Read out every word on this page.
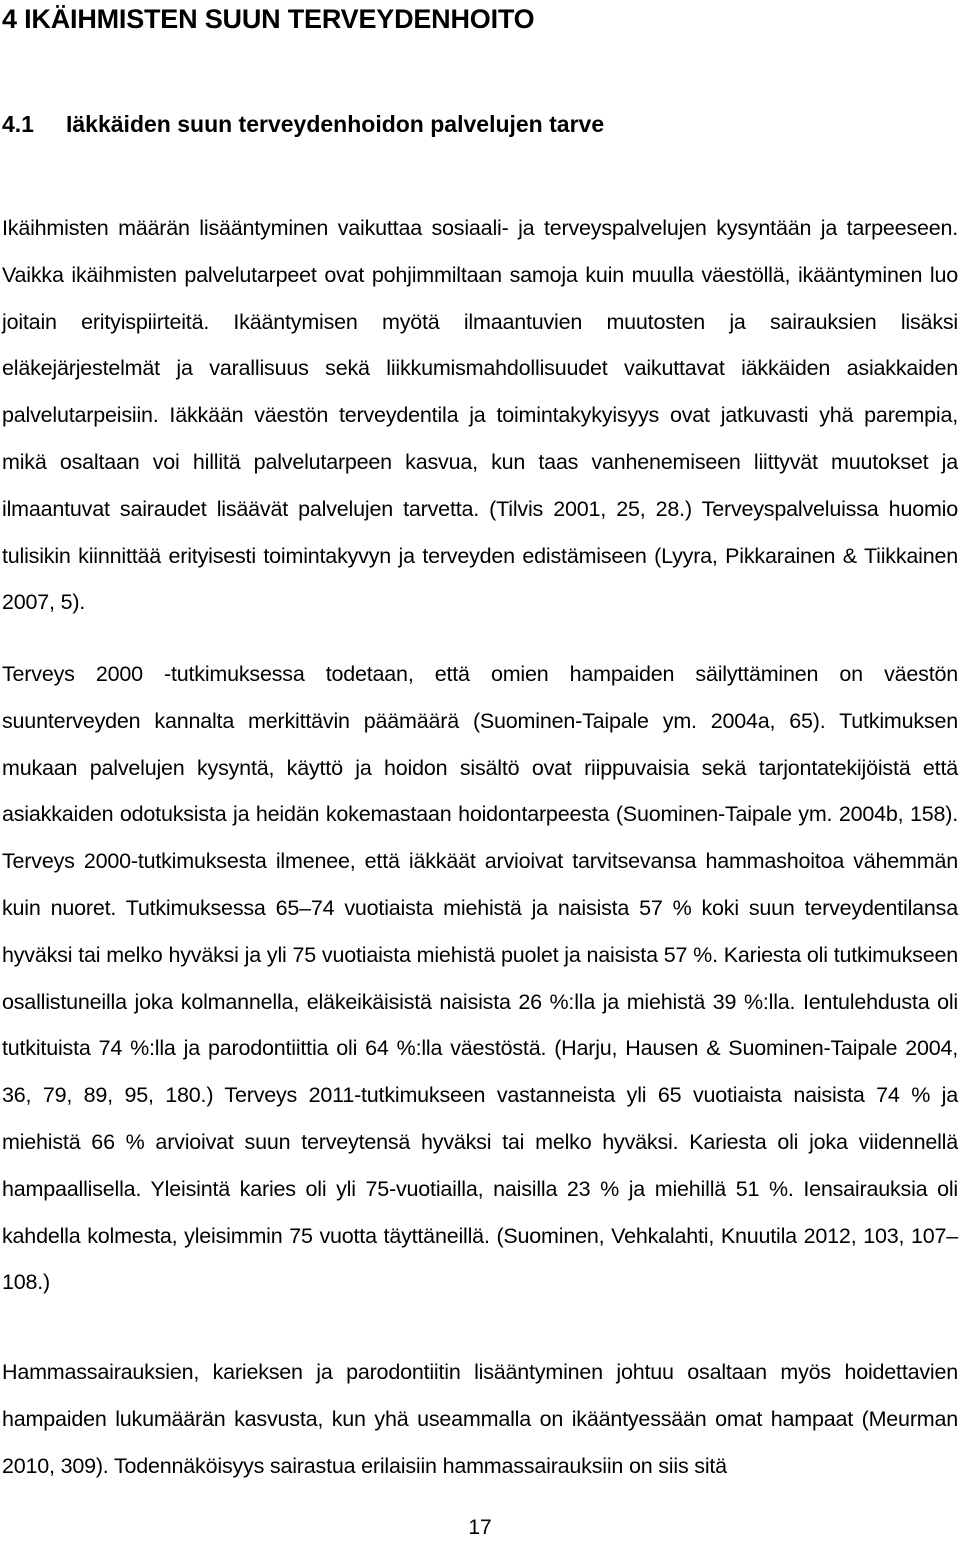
4 IKÄIHMISTEN SUUN TERVEYDENHOITO
4.1 Iäkkäiden suun terveydenhoidon palvelujen tarve

Ikäihmisten määrän lisääntyminen vaikuttaa sosiaali- ja terveyspalvelujen kysyntään ja tarpeeseen. Vaikka ikäihmisten palvelutarpeet ovat pohjimmiltaan samoja kuin muulla väestöllä, ikääntyminen luo joitain erityispiirteitä. Ikääntymisen myötä ilmaantuvien muutosten ja sairauksien lisäksi eläkejärjestelmät ja varallisuus sekä liikkumismahdollisuudet vaikuttavat iäkkäiden asiakkaiden palvelutarpeisiin. Iäkkään väestön terveydentila ja toimintakykyisyys ovat jatkuvasti yhä parempia, mikä osaltaan voi hillitä palvelutarpeen kasvua, kun taas vanhenemiseen liittyvät muutokset ja ilmaantuvat sairaudet lisäävät palvelujen tarvetta. (Tilvis 2001, 25, 28.) Terveyspalveluissa huomio tulisikin kiinnittää erityisesti toimintakyvyn ja terveyden edistämiseen (Lyyra, Pikkarainen & Tiikkainen 2007, 5).

Terveys 2000 -tutkimuksessa todetaan, että omien hampaiden säilyttäminen on väestön suunterveyden kannalta merkittävin päämäärä (Suominen-Taipale ym. 2004a, 65). Tutkimuksen mukaan palvelujen kysyntä, käyttö ja hoidon sisältö ovat riippuvaisia sekä tarjontatekijöistä että asiakkaiden odotuksista ja heidän kokemastaan hoidontarpeesta (Suominen-Taipale ym. 2004b, 158). Terveys 2000-tutkimuksesta ilmenee, että iäkkäät arvioivat tarvitsevansa hammashoitoa vähemmän kuin nuoret. Tutkimuksessa 65–74 vuotiaista miehistä ja naisista 57 % koki suun terveydentilansa hyväksi tai melko hyväksi ja yli 75 vuotiaista miehistä puolet ja naisista 57 %. Kariesta oli tutkimukseen osallistuneilla joka kolmannella, eläkeikäisistä naisista 26 %:lla ja miehistä 39 %:lla. Ientulehdusta oli tutkituista 74 %:lla ja parodontiittia oli 64 %:lla väestöstä. (Harju, Hausen & Suominen-Taipale 2004, 36, 79, 89, 95, 180.) Terveys 2011-tutkimukseen vastanneista yli 65 vuotiaista naisista 74 % ja miehistä 66 % arvioivat suun terveytensä hyväksi tai melko hyväksi. Kariesta oli joka viidennellä hampaallisella. Yleisintä karies oli yli 75-vuotiailla, naisilla 23 % ja miehillä 51 %. Iensairauksia oli kahdella kolmesta, yleisimmin 75 vuotta täyttäneillä. (Suominen, Vehkalahti, Knuutila 2012, 103, 107–108.)

Hammassairauksien, karieksen ja parodontiitin lisääntyminen johtuu osaltaan myös hoidettavien hampaiden lukumäärän kasvusta, kun yhä useammalla on ikääntyessään omat hampaat (Meurman 2010, 309). Todennäköisyys sairastua erilaisiin hammassairauksiin on siis sitä

17
